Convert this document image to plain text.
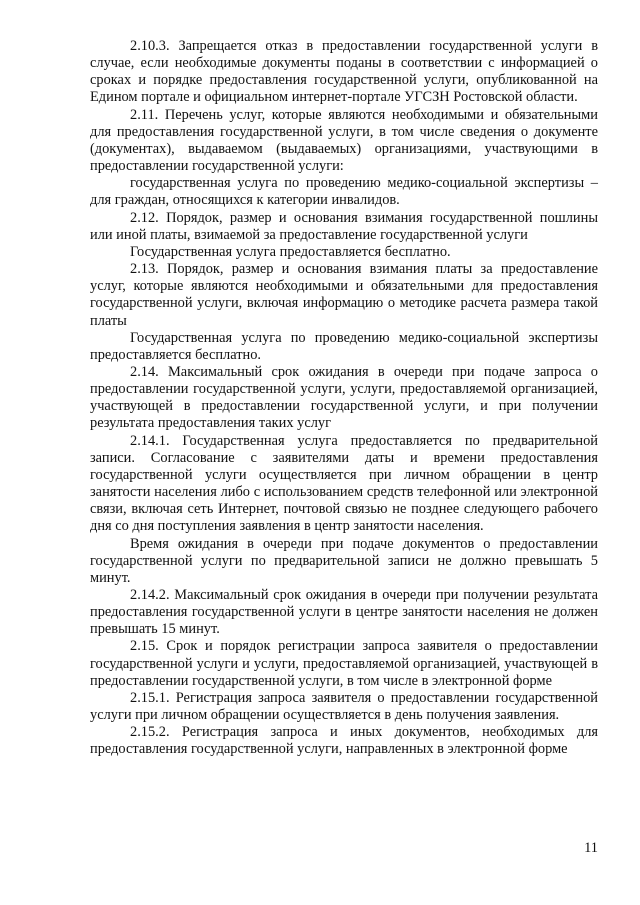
2.10.3. Запрещается отказ в предоставлении государственной услуги в случае, если необходимые документы поданы в соответствии с информацией о сроках и порядке предоставления государственной услуги, опубликованной на Едином портале и официальном интернет-портале УГСЗН Ростовской области.

2.11. Перечень услуг, которые являются необходимыми и обязательными для предоставления государственной услуги, в том числе сведения о документе (документах), выдаваемом (выдаваемых) организациями, участвующими в предоставлении государственной услуги:

государственная услуга по проведению медико-социальной экспертизы – для граждан, относящихся к категории инвалидов.

2.12. Порядок, размер и основания взимания государственной пошлины или иной платы, взимаемой за предоставление государственной услуги

Государственная услуга предоставляется бесплатно.

2.13. Порядок, размер и основания взимания платы за предоставление услуг, которые являются необходимыми и обязательными для предоставления государственной услуги, включая информацию о методике расчета размера такой платы

Государственная услуга по проведению медико-социальной экспертизы предоставляется бесплатно.

2.14. Максимальный срок ожидания в очереди при подаче запроса о предоставлении государственной услуги, услуги, предоставляемой организацией, участвующей в предоставлении государственной услуги, и при получении результата предоставления таких услуг

2.14.1. Государственная услуга предоставляется по предварительной записи. Согласование с заявителями даты и времени предоставления государственной услуги осуществляется при личном обращении в центр занятости населения либо с использованием средств телефонной или электронной связи, включая сеть Интернет, почтовой связью не позднее следующего рабочего дня со дня поступления заявления в центр занятости населения.

Время ожидания в очереди при подаче документов о предоставлении государственной услуги по предварительной записи не должно превышать 5 минут.

2.14.2. Максимальный срок ожидания в очереди при получении результата предоставления государственной услуги в центре занятости населения не должен превышать 15 минут.

2.15. Срок и порядок регистрации запроса заявителя о предоставлении государственной услуги и услуги, предоставляемой организацией, участвующей в предоставлении государственной услуги, в том числе в электронной форме

2.15.1. Регистрация запроса заявителя о предоставлении государственной услуги при личном обращении осуществляется в день получения заявления.

2.15.2. Регистрация запроса и иных документов, необходимых для предоставления государственной услуги, направленных в электронной форме

11
